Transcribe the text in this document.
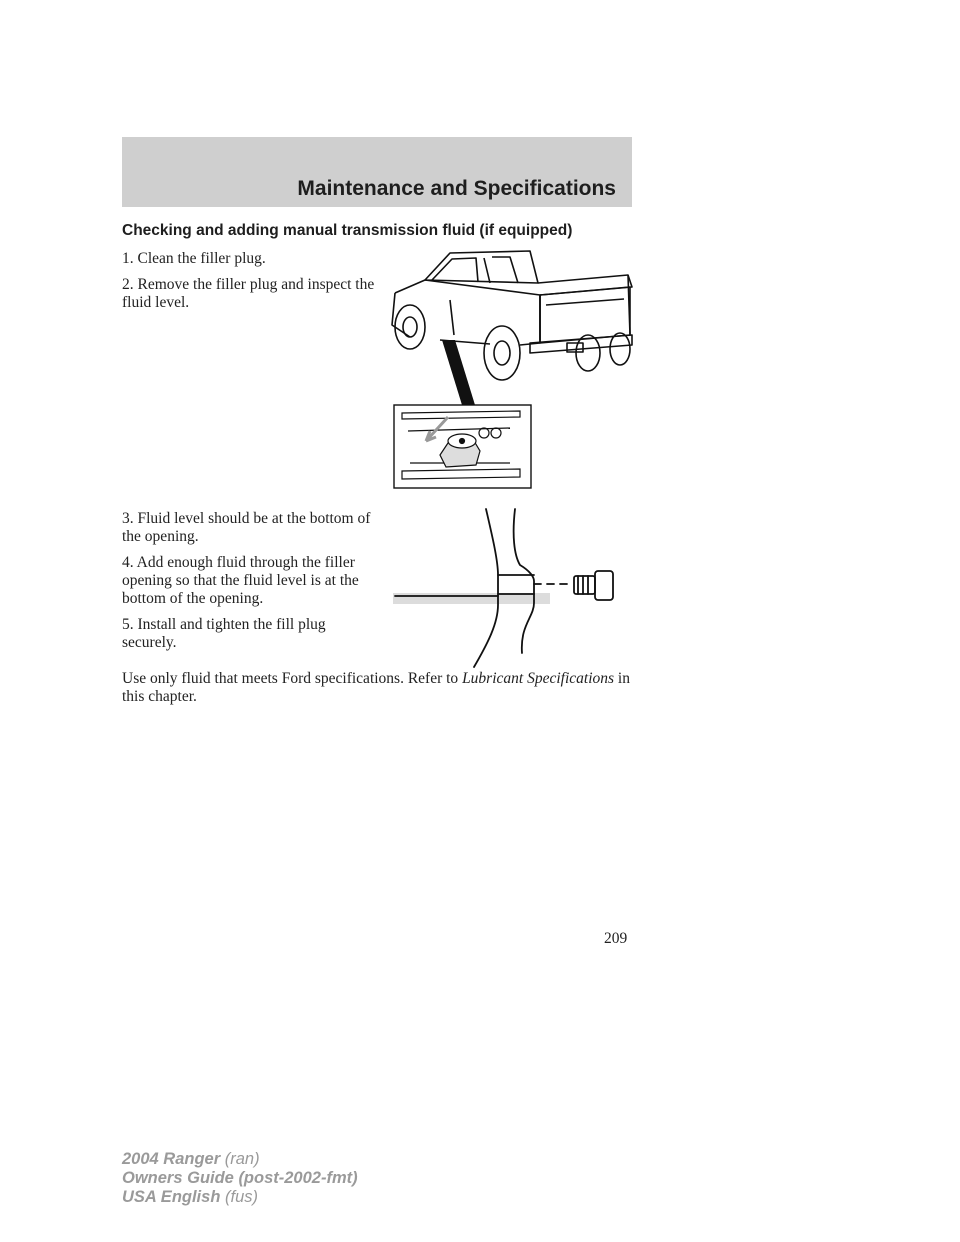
Maintenance and Specifications
Checking and adding manual transmission fluid (if equipped)
1. Clean the filler plug.
2. Remove the filler plug and inspect the fluid level.
3. Fluid level should be at the bottom of the opening.
4. Add enough fluid through the filler opening so that the fluid level is at the bottom of the opening.
5. Install and tighten the fill plug securely.
Use only fluid that meets Ford specifications. Refer to Lubricant Specifications in this chapter.
209
2004 Ranger (ran)
Owners Guide (post-2002-fmt)
USA English (fus)
